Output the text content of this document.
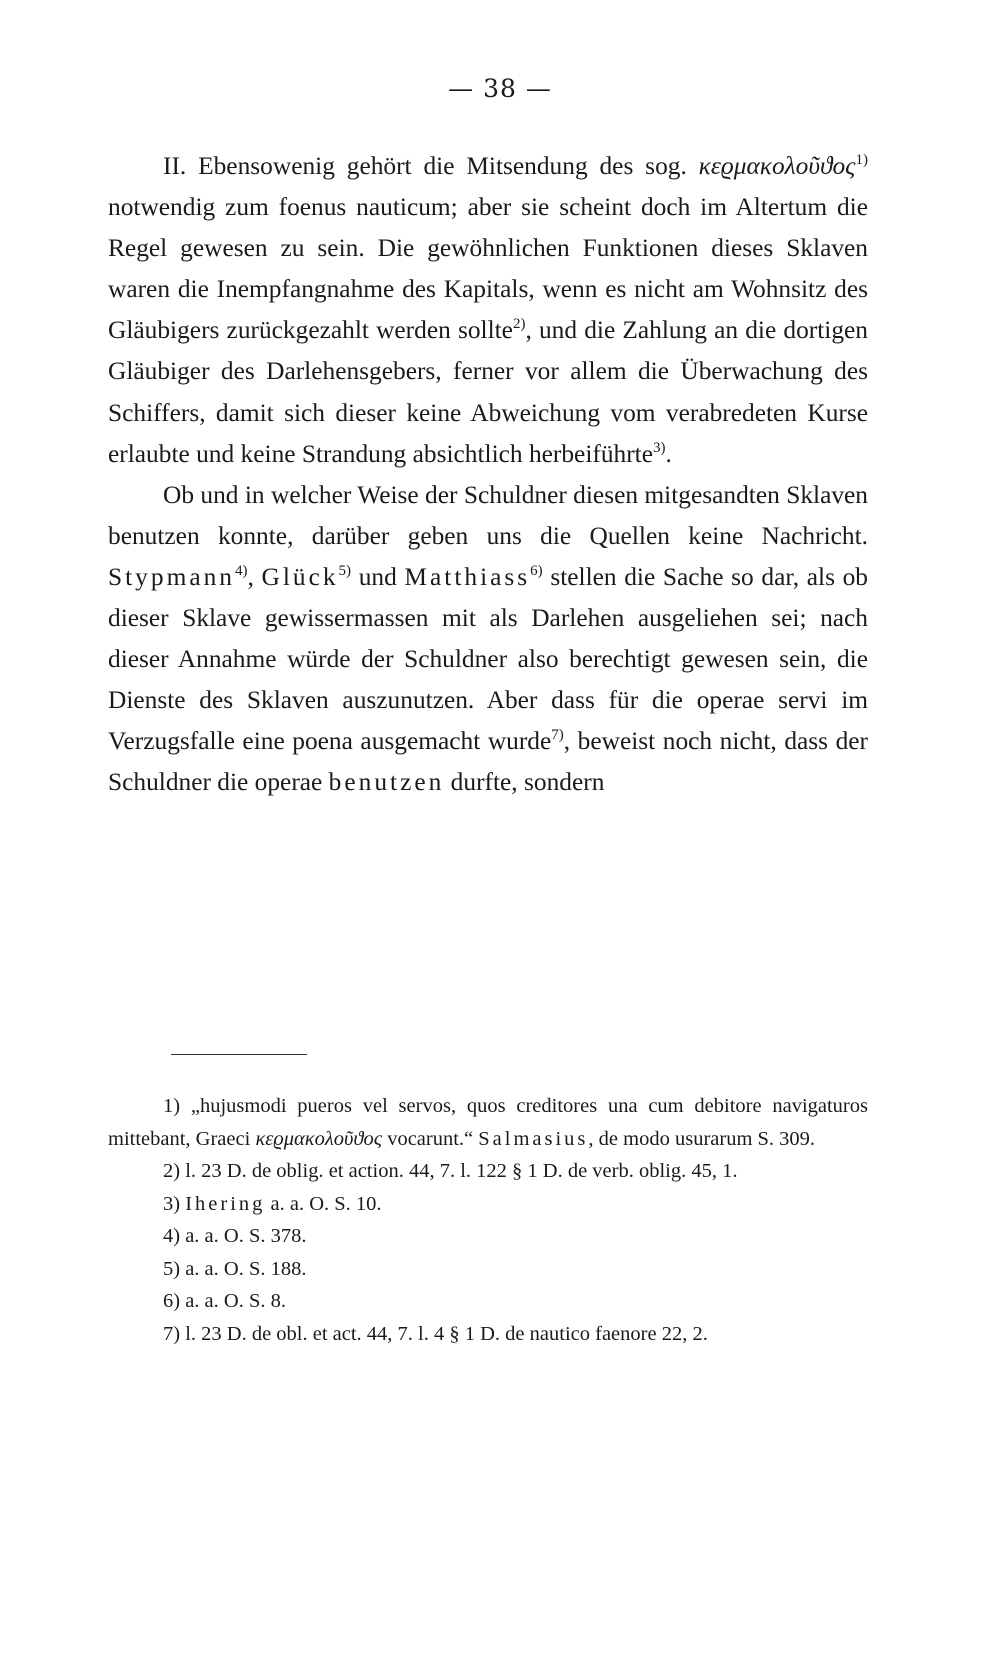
— 38 —

II. Ebensowenig gehört die Mitsendung des sog. κεϱμακολοῦϑος$^{1)}$ notwendig zum foenus nauticum; aber sie scheint doch im Altertum die Regel gewesen zu sein. Die gewöhnlichen Funktionen dieses Sklaven waren die Inempfangnahme des Kapitals, wenn es nicht am Wohnsitz des Gläubigers zurückgezahlt werden sollte$^{2)}$, und die Zahlung an die dortigen Gläubiger des Darlehensgebers, ferner vor allem die Überwachung des Schiffers, damit sich dieser keine Abweichung vom verabredeten Kurse erlaubte und keine Strandung absichtlich herbeiführte$^{3)}$.

Ob und in welcher Weise der Schuldner diesen mitgesandten Sklaven benutzen konnte, darüber geben uns die Quellen keine Nachricht. Stypmann$^{4)}$, Glück$^{5)}$ und Matthiass$^{6)}$ stellen die Sache so dar, als ob dieser Sklave gewissermassen mit als Darlehen ausgeliehen sei; nach dieser Annahme würde der Schuldner also berechtigt gewesen sein, die Dienste des Sklaven auszunutzen. Aber dass für die operae servi im Verzugsfalle eine poena ausgemacht wurde$^{7)}$, beweist noch nicht, dass der Schuldner die operae benutzen durfte, sondern

1) „hujusmodi pueros vel servos, quos creditores una cum debitore navigaturos mittebant, Graeci κεϱμακολοῦϑος vocarunt.“ Salmasius, de modo usurarum S. 309.

2) l. 23 D. de oblig. et action. 44, 7. l. 122 § 1 D. de verb. oblig. 45, 1.

3) Ihering a. a. O. S. 10.

4) a. a. O. S. 378.

5) a. a. O. S. 188.

6) a. a. O. S. 8.

7) l. 23 D. de obl. et act. 44, 7. l. 4 § 1 D. de nautico faenore 22, 2.
